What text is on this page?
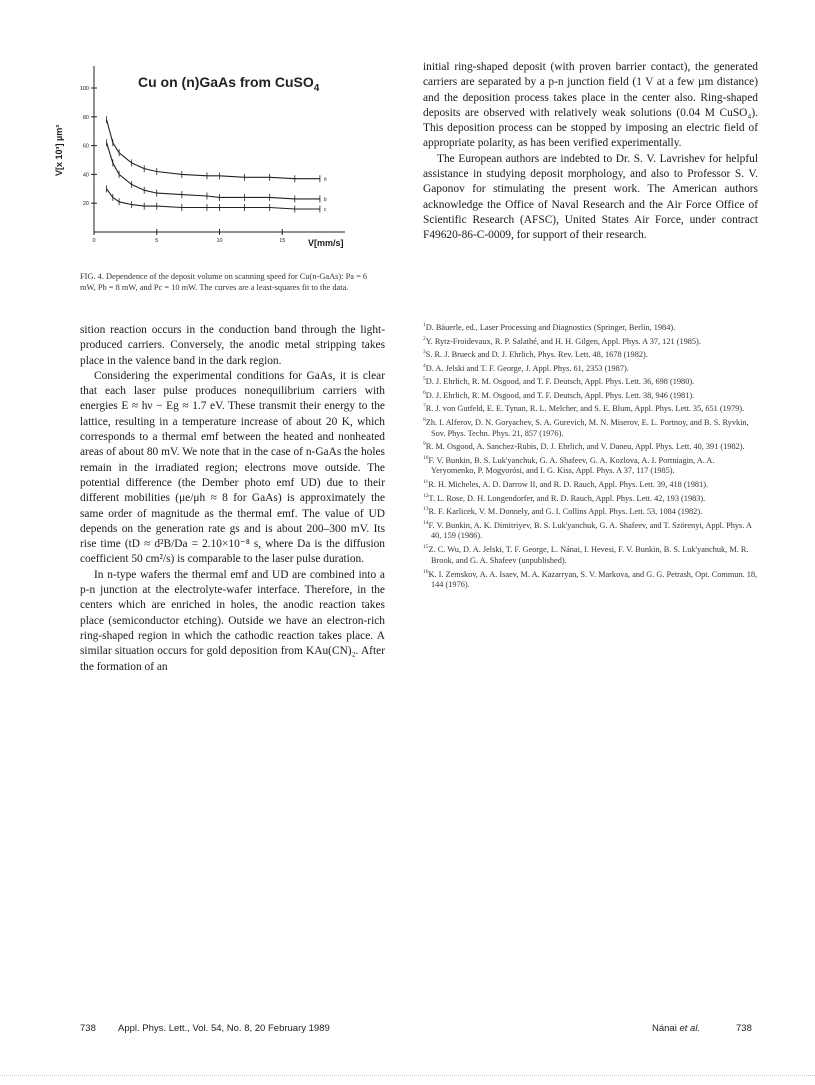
Cu on (n)GaAs from CuSO$_4$
V[x 10³] µm³
V[mm/s]
20
40
60
80
100
0	5	10	15
a
b
c
FIG. 4. Dependence of the deposit volume on scanning speed for Cu(n-GaAs): Pa = 6 mW, Pb = 8 mW, and Pc = 10 mW. The curves are a least-squares fit to the data.

sition reaction occurs in the conduction band through the light-produced carriers. Conversely, the anodic metal stripping takes place in the valence band in the dark region.

Considering the experimental conditions for GaAs, it is clear that each laser pulse produces nonequilibrium carriers with energies E ≈ hν − Eg ≈ 1.7 eV. These transmit their energy to the lattice, resulting in a temperature increase of about 20 K, which corresponds to a thermal emf between the heated and nonheated areas of about 80 mV. We note that in the case of n-GaAs the holes remain in the irradiated region; electrons move outside. The potential difference (the Dember photo emf UD) due to their different mobilities (μe/μh ≈ 8 for GaAs) is approximately the same order of magnitude as the thermal emf. The value of UD depends on the generation rate gs and is about 200–300 mV. Its rise time (tD ≈ d²B/Da = 2.10×10⁻⁸ s, where Da is the diffusion coefficient 50 cm²/s) is comparable to the laser pulse duration.

In n-type wafers the thermal emf and UD are combined into a p-n junction at the electrolyte-wafer interface. Therefore, in the centers which are enriched in holes, the anodic reaction takes place (semiconductor etching). Outside we have an electron-rich ring-shaped region in which the cathodic reaction takes place. A similar situation occurs for gold deposition from KAu(CN)₂. After the formation of an

initial ring-shaped deposit (with proven barrier contact), the generated carriers are separated by a p-n junction field (1 V at a few µm distance) and the deposition process takes place in the center also. Ring-shaped deposits are observed with relatively weak solutions (0.04 M CuSO₄). This deposition process can be stopped by imposing an electric field of appropriate polarity, as has been verified experimentally.

The European authors are indebted to Dr. S. V. Lavrishev for helpful assistance in studying deposit morphology, and also to Professor S. V. Gaponov for stimulating the present work. The American authors acknowledge the Office of Naval Research and the Air Force Office of Scientific Research (AFSC), United States Air Force, under contract F49620-86-C-0009, for support of their research.

$^1$D. Bäuerle, ed., Laser Processing and Diagnostics (Springer, Berlin, 1984).

$^2$Y. Rytz-Froidevaux, R. P. Salathé, and H. H. Gilgen, Appl. Phys. A 37, 121 (1985).

$^3$S. R. J. Brueck and D. J. Ehrlich, Phys. Rev. Lett. 48, 1678 (1982).

$^4$D. A. Jelski and T. F. George, J. Appl. Phys. 61, 2353 (1987).

$^5$D. J. Ehrlich, R. M. Osgood, and T. F. Deutsch, Appl. Phys. Lett. 36, 698 (1980).

$^6$D. J. Ehrlich, R. M. Osgood, and T. F. Deutsch, Appl. Phys. Lett. 38, 946 (1981).

$^7$R. J. von Gutfeld, E. E. Tynan, R. L. Melcher, and S. E. Blum, Appl. Phys. Lett. 35, 651 (1979).

$^8$Zh. I. Alferov, D. N. Goryachev, S. A. Gurevich, M. N. Miserov, E. L. Portnoy, and B. S. Ryvkin, Sov. Phys. Techn. Phys. 21, 857 (1976).

$^9$R. M. Osgood, A. Sanchez-Rubis, D. J. Ehrlich, and V. Daneu, Appl. Phys. Lett. 40, 391 (1982).

$^{10}$F. V. Bunkin, B. S. Luk'yanchuk, G. A. Shafeev, G. A. Kozlova, A. I. Portniagin, A. A. Yeryomenko, P. Mogyorósi, and I. G. Kiss, Appl. Phys. A 37, 117 (1985).

$^{11}$R. H. Micheles, A. D. Darrow II, and R. D. Rauch, Appl. Phys. Lett. 39, 418 (1981).

$^{12}$T. L. Rose, D. H. Longendorfer, and R. D. Rauch, Appl. Phys. Lett. 42, 193 (1983).

$^{13}$R. F. Karlicek, V. M. Donnely, and G. I. Collins Appl. Phys. Lett. 53, 1084 (1982).

$^{14}$F. V. Bunkin, A. K. Dimitriyev, B. S. Luk'yanchuk, G. A. Shafeev, and T. Szörenyi, Appl. Phys. A 40, 159 (1986).

$^{15}$Z. C. Wu, D. A. Jelski, T. F. George, L. Nánai, I. Hevesi, F. V. Bunkin, B. S. Luk'yanchuk, M. R. Brook, and G. A. Shafeev (unpublished).

$^{16}$K. I. Zemskov, A. A. Isaev, M. A. Kazarryan, S. V. Markova, and G. G. Petrash, Opt. Commun. 18, 144 (1976).

738 Appl. Phys. Lett., Vol. 54, No. 8, 20 February 1989	Nánai et al.	738
